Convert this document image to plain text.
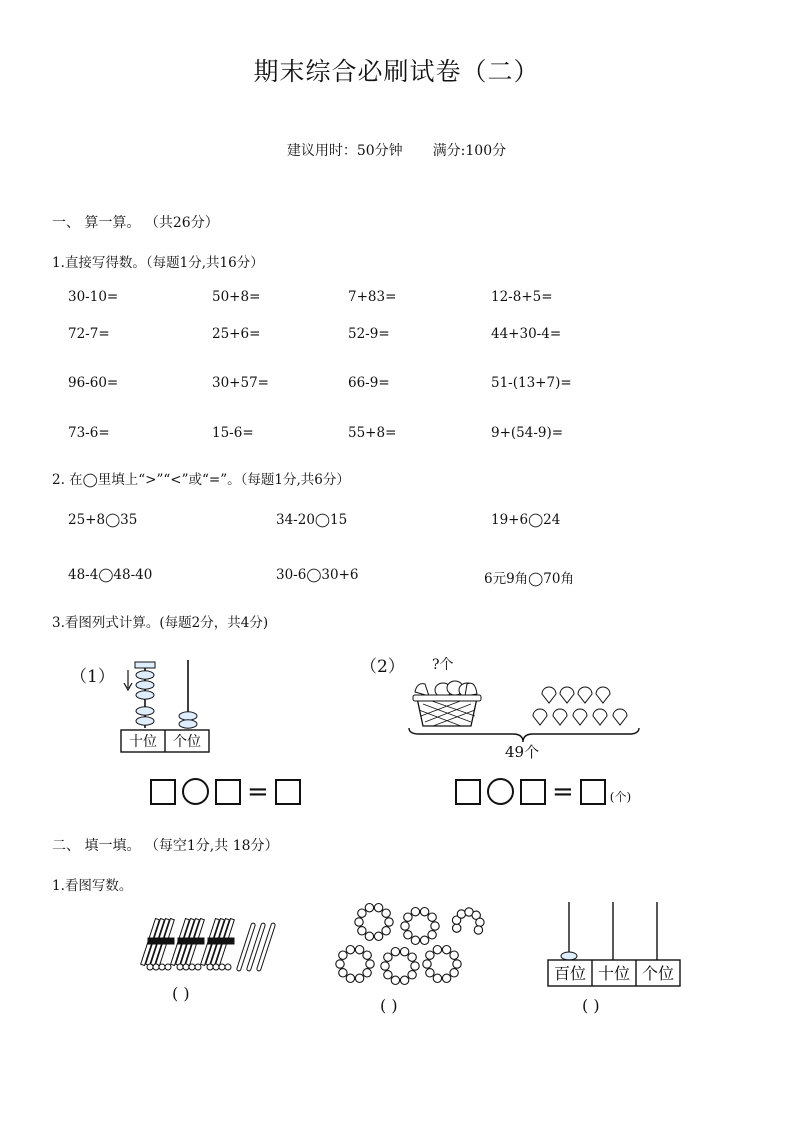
期末综合必刷试卷（二）
建议用时：50分钟 满分:100分
一、 算一算。 （共26分）
1.直接写得数。（每题1分,共16分）
30-10=	50+8=	7+83=	12-8+5=
72-7=	25+6=	52-9=	44+30-4=
96-60=	30+57=	66-9=	51-(13+7)=
73-6=	15-6=	55+8=	9+(54-9)=
2. 在◯里填上“>”“<”或“=”。（每题1分,共6分）
25+8◯35	34-20◯15	19+6◯24
48-4◯48-40	30-6◯30+6	6元9角◯70角
3.看图列式计算。(每题2分，共4分)
（1）
十位 个位
=
（2） ?个
49个
=	(个)
二、 填一填。 （每空1分,共 18分）
1.看图写数。
( )
( )
百位 十位 个位
( )
